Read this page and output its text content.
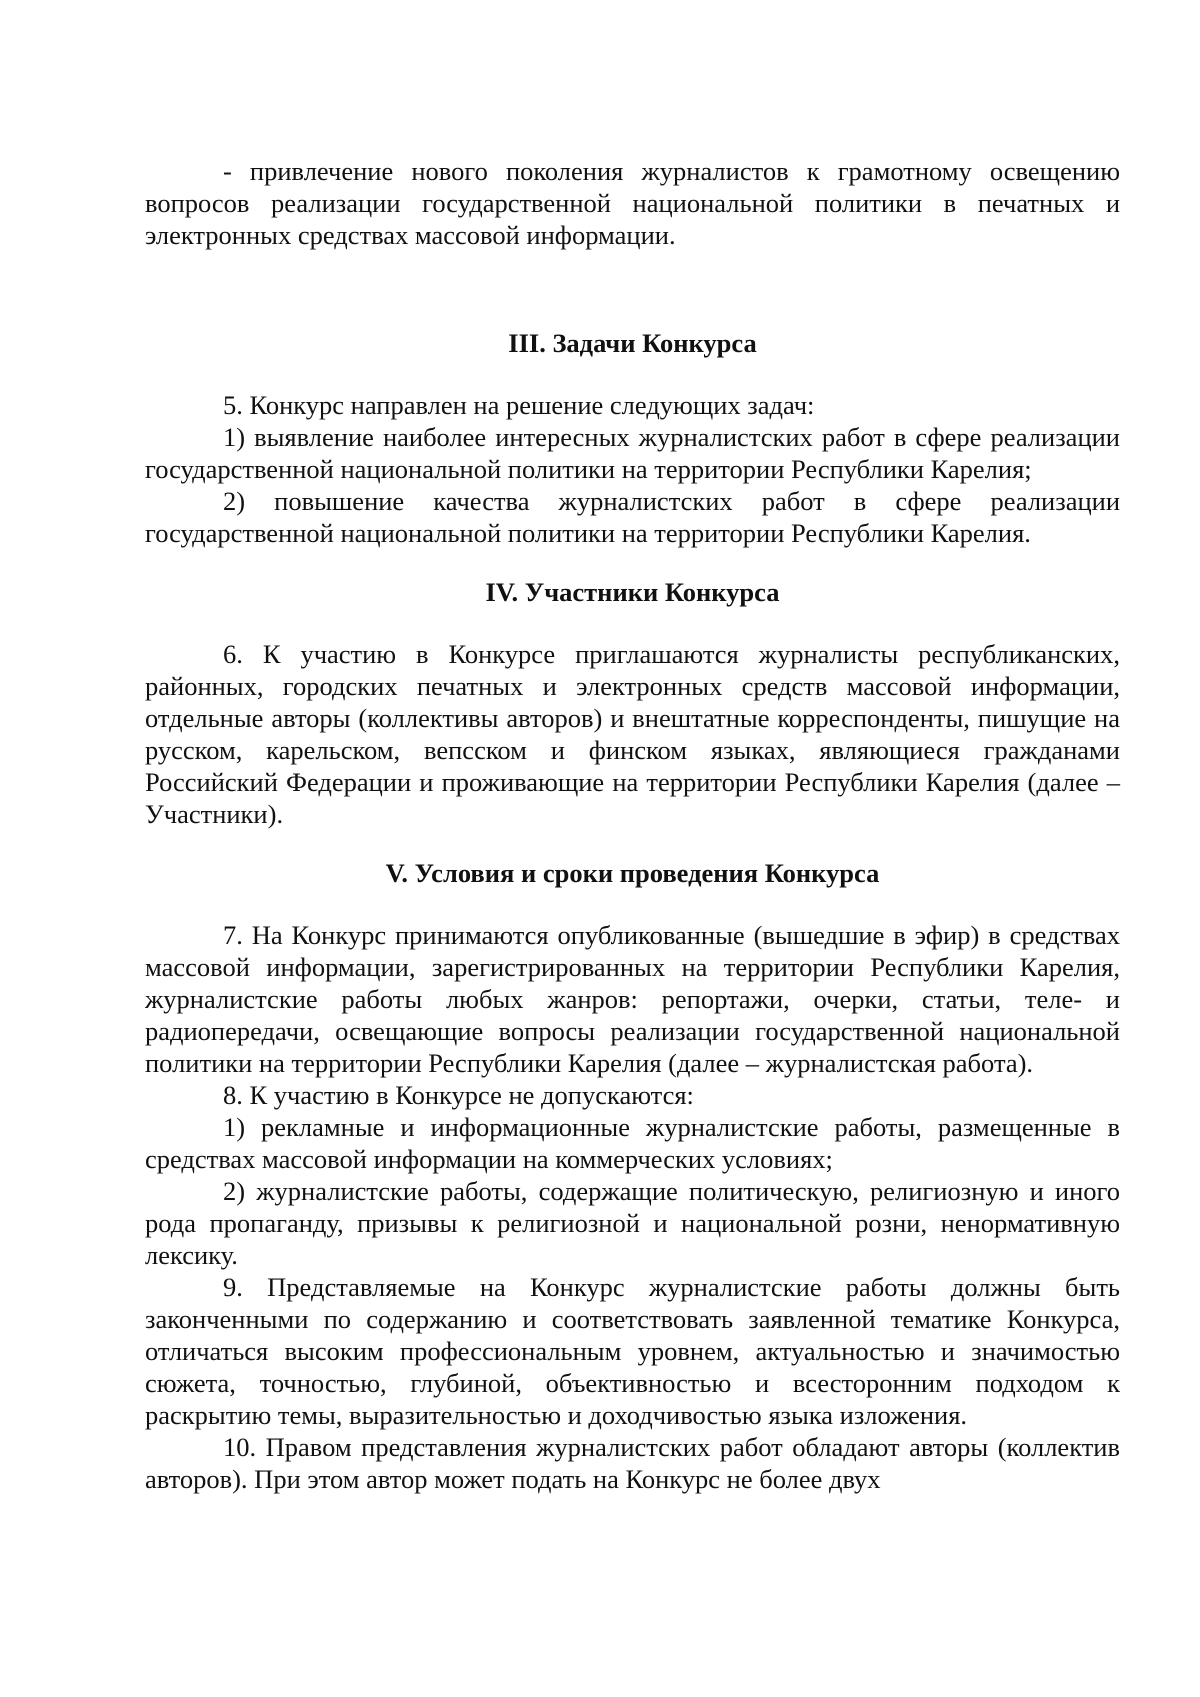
- привлечение нового поколения журналистов к грамотному освещению вопросов реализации государственной национальной политики в печатных и электронных средствах массовой информации.

III. Задачи Конкурса

5. Конкурс направлен на решение следующих задач:

1) выявление наиболее интересных журналистских работ в сфере реализации государственной национальной политики на территории Республики Карелия;

2) повышение качества журналистских работ в сфере реализации государственной национальной политики на территории Республики Карелия.

IV. Участники Конкурса

6. К участию в Конкурсе приглашаются журналисты республиканских, районных, городских печатных и электронных средств массовой информации, отдельные авторы (коллективы авторов) и внештатные корреспонденты, пишущие на русском, карельском, вепсском и финском языках, являющиеся гражданами Российский Федерации и проживающие на территории Республики Карелия (далее – Участники).

V. Условия и сроки проведения Конкурса

7. На Конкурс принимаются опубликованные (вышедшие в эфир) в средствах массовой информации, зарегистрированных на территории Республики Карелия, журналистские работы любых жанров: репортажи, очерки, статьи, теле- и радиопередачи, освещающие вопросы реализации государственной национальной политики на территории Республики Карелия (далее – журналистская работа).

8. К участию в Конкурсе не допускаются:

1) рекламные и информационные журналистские работы, размещенные в средствах массовой информации на коммерческих условиях;

2) журналистские работы, содержащие политическую, религиозную и иного рода пропаганду, призывы к религиозной и национальной розни, ненормативную лексику.

9. Представляемые на Конкурс журналистские работы должны быть законченными по содержанию и соответствовать заявленной тематике Конкурса, отличаться высоким профессиональным уровнем, актуальностью и значимостью сюжета, точностью, глубиной, объективностью и всесторонним подходом к раскрытию темы, выразительностью и доходчивостью языка изложения.

10. Правом представления журналистских работ обладают авторы (коллектив авторов). При этом автор может подать на Конкурс не более двух
